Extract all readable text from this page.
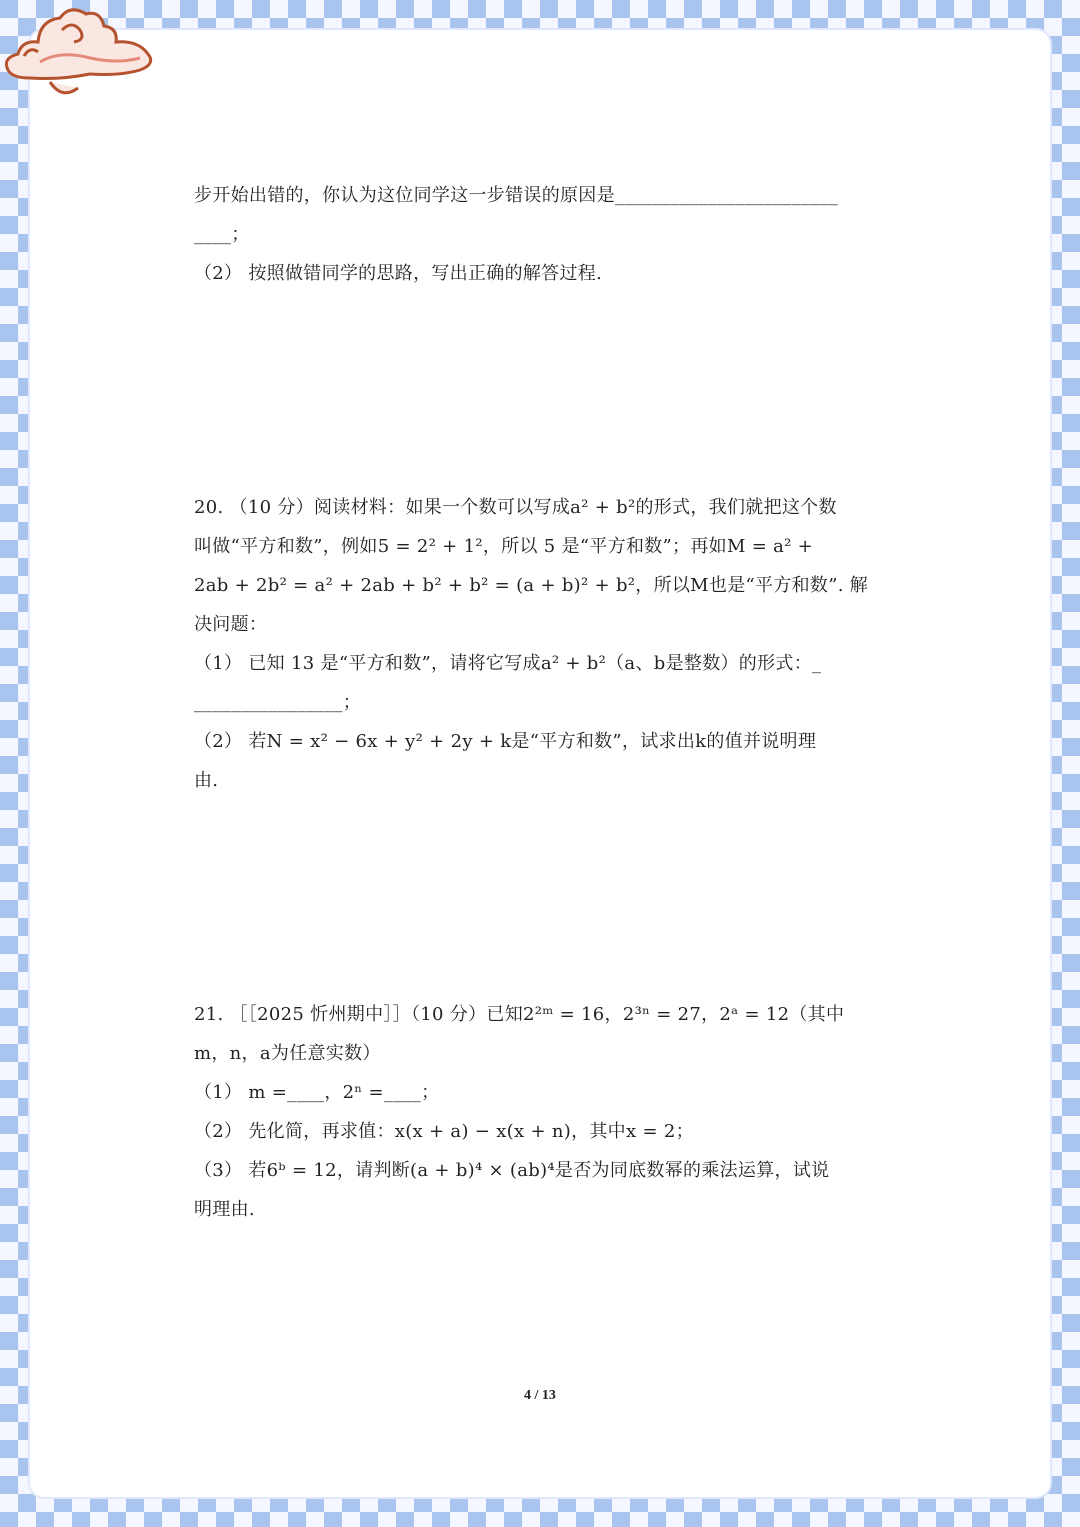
步开始出错的，你认为这位同学这一步错误的原因是________________________
____；
（2） 按照做错同学的思路，写出正确的解答过程.
20. （10 分）阅读材料：如果一个数可以写成a² + b²的形式，我们就把这个数
叫做“平方和数”，例如5 = 2² + 1²，所以 5 是“平方和数”；再如M = a² +
2ab + 2b² = a² + 2ab + b² + b² = (a + b)² + b²，所以M也是“平方和数”. 解
决问题：
（1） 已知 13 是“平方和数”，请将它写成a² + b²（a、b是整数）的形式：_
________________；
（2） 若N = x² − 6x + y² + 2y + k是“平方和数”，试求出k的值并说明理
由.
21. ［［2025 忻州期中］］（10 分）已知2²ᵐ = 16，2³ⁿ = 27，2ᵃ = 12（其中
m，n，a为任意实数）
（1） m =____，2ⁿ =____；
（2） 先化简，再求值：x(x + a) − x(x + n)，其中x = 2；
（3） 若6ᵇ = 12，请判断(a + b)⁴ × (ab)⁴是否为同底数幂的乘法运算，试说
明理由.
4 / 13
